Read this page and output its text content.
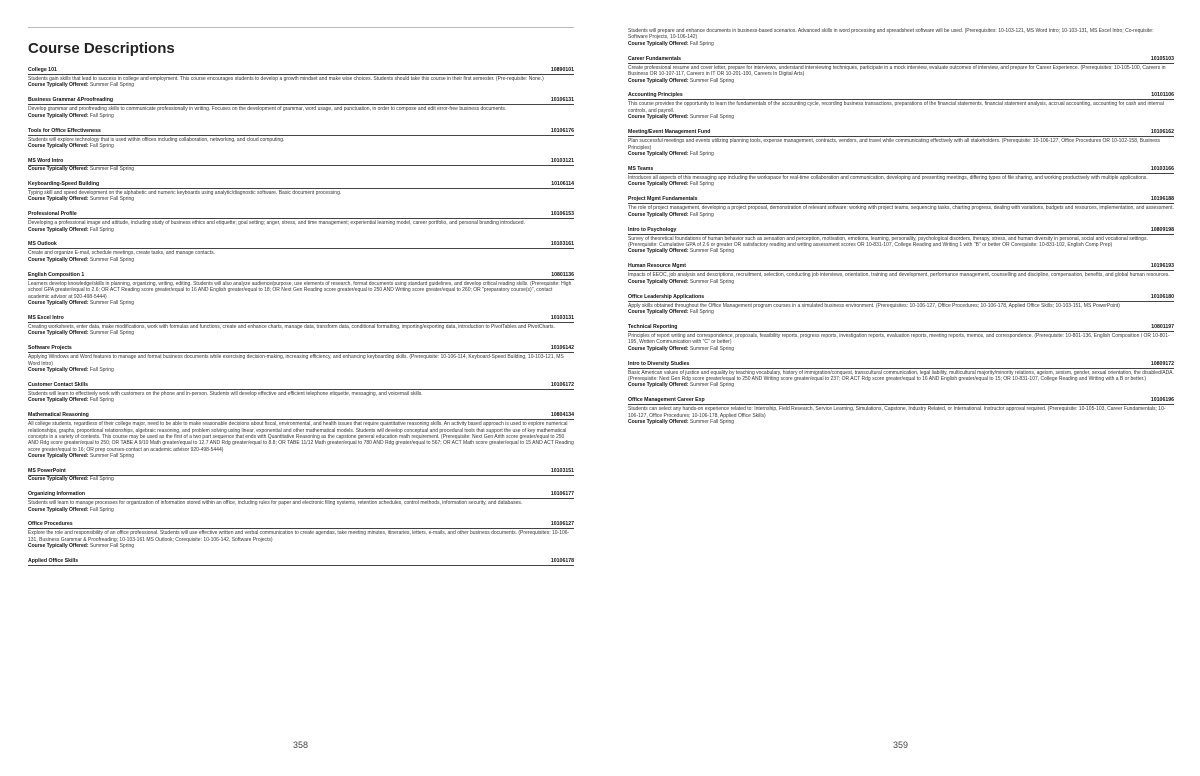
Course Descriptions
College 101	10890101
Students gain skills that lead to success in college and employment. This course encourages students to develop a growth mindset and make wise choices. Students should take this course in their first semester. (Pre-requisite: None.)
Course Typically Offered: Summer Fall Spring
Business Grammar &Proofreading	10106131
Develop grammar and proofreading skills to communicate professionally in writing. Focuses on the development of grammar, word usage, and punctuation, in order to compose and edit error-free business documents.
Course Typically Offered: Fall Spring
Tools for Office Effectiveness	10106176
Students will explore technology that is used within offices including collaboration, networking, and cloud computing.
Course Typically Offered: Fall Spring
MS Word Intro	10103121
Course Typically Offered: Summer Fall Spring
Keyboarding-Speed Building	10106114
Typing skill and speed development on the alphabetic and numeric keyboards using analytic/diagnostic software. Basic document processing.
Course Typically Offered: Summer Fall Spring
Professional Profile	10106153
Developing a professional image and attitude, including study of business ethics and etiquette; goal setting; anger, stress, and time management; experiential learning model, career portfolio, and personal branding introduced.
Course Typically Offered: Fall Spring
MS Outlook	10103161
Create and organize E-mail, schedule meetings, create tasks, and manage contacts.
Course Typically Offered: Summer Fall Spring
English Composition 1	10801136
Learners develop knowledge/skills in planning, organizing, writing, editing. Students will also analyze audience/purpose, use elements of research, format documents using standard guidelines, and develop critical reading skills. (Prerequisite: High school GPA greater/equal to 2.6; OR ACT Reading score greater/equal to 16 AND English greater/equal to 18; OR Next Gen Reading score greater/equal to 250 AND Writing score greater/equal to 260; OR "preparatory course(s)", contact academic advisor at 920-498-5444)
Course Typically Offered: Summer Fall Spring
MS Excel Intro	10103131
Creating worksheets, enter data, make modifications, work with formulas and functions, create and enhance charts, manage data, transform data, conditional formatting, importing/exporting data, introduction to PivotTables and PivotCharts.
Course Typically Offered: Summer Fall Spring
Software Projects	10106142
Applying Windows and Word features to manage and format business documents while exercising decision-making, increasing efficiency, and enhancing keyboarding skills. (Prerequisite: 10-106-114, Keyboard-Speed Building, 10-103-121, MS Word Intro)
Course Typically Offered: Fall Spring
Customer Contact Skills	10106172
Students will learn to effectively work with customers on the phone and in-person. Students will develop effective and efficient telephone etiquette, messaging, and voicemail skills.
Course Typically Offered: Fall Spring
Mathematical Reasoning	10804134
All college students, regardless of their college major, need to be able to make reasonable decisions about fiscal, environmental, and health issues that require quantitative reasoning skills. An activity based approach is used to explore numerical relationships, graphs, proportional relationships, algebraic reasoning, and problem solving using linear, exponential and other mathematical models. Students will develop conceptual and procedural tools that support the use of key mathematical concepts in a variety of contexts. This course may be used as the first of a two part sequence that ends with Quantitative Reasoning as the capstone general education math requirement. (Prerequisite: Next Gen Arith score greater/equal to 250 AND Rdg score greater/equal to 250; OR TABE A 9/10 Math greater/equal to 12.7 AND Rdg greater/equal to 8.8; OR TABE 11/12 Math greater/equal to 780 AND Rdg greater/equal to 567; OR ACT Math score greater/equal to 15 AND ACT Reading score greater/equal to 16; OR prep courses-contact an academic advisor 920-498-5444)
Course Typically Offered: Summer Fall Spring
MS PowerPoint	10103151
Course Typically Offered: Fall Spring
Organizing Information	10106177
Students will learn to manage processes for organization of information stored within an office, including rules for paper and electronic filing systems, retention schedules, control methods, information security, and databases.
Course Typically Offered: Fall Spring
Office Procedures	10106127
Explore the role and responsibility of an office professional. Students will use effective written and verbal communication to create agendas, take meeting minutes, itineraries, letters, e-mails, and other business documents. (Prerequisites: 10-106-131, Business Grammar & Proofreading; 10-103-161 MS Outlook; Corequisite: 10-106-142, Software Projects)
Course Typically Offered: Summer Fall Spring
Applied Office Skills	10106178
358
Students will prepare and enhance documents in business-based scenarios. Advanced skills in word processing and spreadsheet software will be used. (Prerequisites: 10-103-121, MS Word Intro; 10-103-131, MS Excel Intro; Co-requisite: Software Projects, 10-106-142)
Course Typically Offered: Fall Spring
Career Fundamentals	10105103
Create professional resume and cover letter, prepare for interviews, understand interviewing techniques, participate in a mock interview, evaluate outcomes of interview, and prepare for Career Experience. (Prerequisites: 10-105-100, Careers in Business OR 10-107-117, Careers in IT OR 10-201-100, Careers In Digital Arts)
Course Typically Offered: Summer Fall Spring
Accounting Principles	10101106
This course provides the opportunity to learn the fundamentals of the accounting cycle, recording business transactions, preparations of the financial statements, financial statement analysis, accrual accounting, accounting for cash and internal controls, and payroll.
Course Typically Offered: Summer Fall Spring
Meeting/Event Management Fund	10106162
Plan successful meetings and events utilizing planning tools, expense management, contracts, vendors, and travel while communicating effectively with all stakeholders. (Prerequisite: 10-106-127, Office Procedures OR 10-102-158, Business Principles)
Course Typically Offered: Fall Spring
MS Teams	10103166
Introduces all aspects of this messaging app including the workspace for real-time collaboration and communication, developing and presenting meetings, differing types of file sharing, and working productively with multiple applications.
Course Typically Offered: Fall Spring
Project Mgmt Fundamentals	10196188
The role of project management, developing a project proposal, demonstration of relevant software: working with project teams, sequencing tasks, charting progress, dealing with variations, budgets and resources, implementation, and assessment.
Course Typically Offered: Fall Spring
Intro to Psychology	10809198
Survey of theoretical foundations of human behavior such as sensation and perception, motivation, emotions, learning, personality, psychological disorders, therapy, stress, and human diversity in personal, social and vocational settings. (Prerequisite: Cumulative GPA of 2.6 or greater OR satisfactory reading and writing assessment scores OR 10-831-107, College Reading and Writing 1 with "B" or better OR Corequisite: 10-831-102, English Comp Prep)
Course Typically Offered: Summer Fall Spring
Human Resource Mgmt	10196193
Impacts of EEOC, job analysis and descriptions, recruitment, selection, conducting job interviews, orientation, training and development, performance management, counselling and discipline, compensation, benefits, and global human resources.
Course Typically Offered: Summer Fall Spring
Office Leadership Applications	10106180
Apply skills obtained throughout the Office Management program courses in a simulated business environment. (Prerequisites: 10-106-127, Office Procedures; 10-106-178, Applied Office Skills; 10-103-151, MS PowerPoint)
Course Typically Offered: Fall Spring
Technical Reporting	10801197
Principles of report writing and correspondence, proposals, feasibility reports, progress reports, investigation reports, evaluation reports, meeting reports, memos, and correspondence. (Prerequisite: 10-801-136, English Composition I OR 10-801-195, Written Communication with "C" or better)
Course Typically Offered: Summer Fall Spring
Intro to Diversity Studies	10809172
Basic American values of justice and equality by teaching vocabulary, history of immigration/conquest, transcultural communication, legal liability, multicultural majority/minority relations, ageism, sexism, gender, sexual orientation, the disabled/ADA. (Prerequisite: Next Gen Rdg score greater/equal to 250 AND Writing score greater/equal to 237; OR ACT Rdg score greater/equal to 16 AND English greater/equal to 15; OR 10-831-107, College Reading and Writing with a B or better.)
Course Typically Offered: Summer Fall Spring
Office Management Career Exp	10106196
Students can select any hands-on experience related to: Internship, Field Research, Service Learning, Simulations, Capstone, Industry Related, or International. Instructor approval required. (Prerequisite: 10-105-103, Career Fundamentals; 10-106-127, Office Procedures; 10-106-178, Applied Office Skills)
Course Typically Offered: Summer Fall Spring
359
